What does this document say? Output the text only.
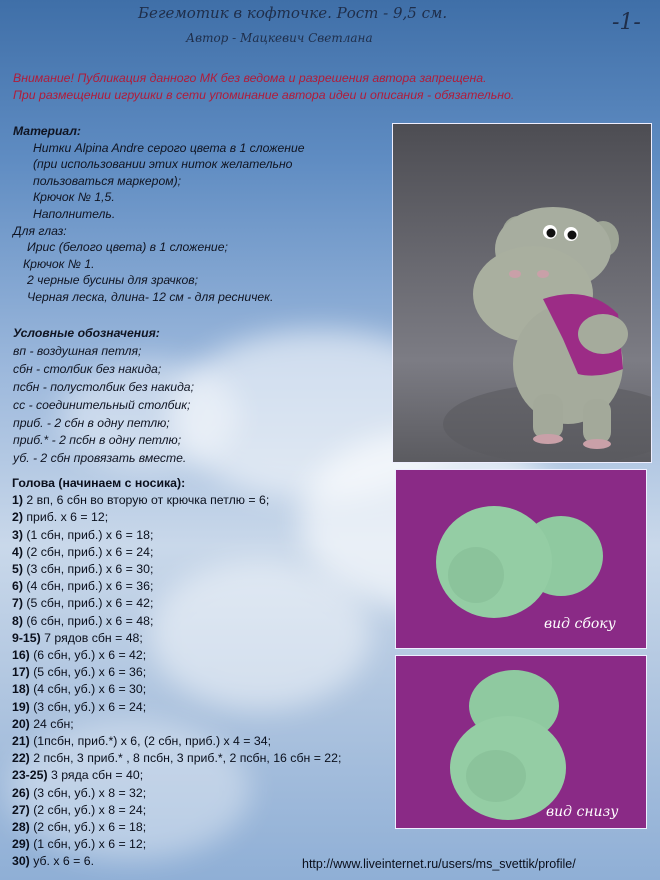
Бегемотик в кофточке. Рост - 9,5 см.
Автор - Мацкевич Светлана
-1-
Внимание! Публикация данного МК без ведома и разрешения автора запрещена.
При размещении игрушки в сети упоминание автора идеи и описания - обязательно.
Материал:
Нитки Alpina Andre серого цвета в 1 сложение
(при использовании этих ниток желательно
пользоваться маркером);
Крючок № 1,5.
Наполнитель.
Для глаз:
Ирис (белого цвета) в 1 сложение;
Крючок № 1.
2 черные бусины для зрачков;
Черная леска, длина- 12 см - для ресничек.
Условные обозначения:
вп - воздушная петля;
сбн - столбик без накида;
псбн - полустолбик без накида;
сс - соединительный столбик;
приб. - 2 сбн в одну петлю;
приб.* - 2 псбн в одну петлю;
уб. - 2 сбн провязать вместе.
Голова (начинаем с носика):
1) 2 вп, 6 сбн во вторую от крючка петлю = 6;
2) приб. х 6 = 12;
3) (1 сбн, приб.) х 6 = 18;
4) (2 сбн, приб.) х 6 = 24;
5) (3 сбн, приб.) х 6 = 30;
6) (4 сбн, приб.) х 6 = 36;
7) (5 сбн, приб.) х 6 = 42;
8) (6 сбн, приб.) х 6 = 48;
9-15) 7 рядов сбн = 48;
16) (6 сбн, уб.) х 6 = 42;
17) (5 сбн, уб.) х 6 = 36;
18) (4 сбн, уб.) х 6 = 30;
19) (3 сбн, уб.) х 6 = 24;
20) 24 сбн;
21) (1псбн, приб.*) х 6, (2 сбн, приб.) х 4 = 34;
22) 2 псбн, 3 приб.* , 8 псбн, 3 приб.*, 2 псбн, 16 сбн = 22;
23-25) 3 ряда сбн = 40;
26) (3 сбн, уб.) х 8 = 32;
27) (2 сбн, уб.) х 8 = 24;
28) (2 сбн, уб.) х 6 = 18;
29) (1 сбн, уб.) х 6 = 12;
30) уб. х 6 = 6.
вид сбоку
вид снизу
http://www.liveinternet.ru/users/ms_svettik/profile/
